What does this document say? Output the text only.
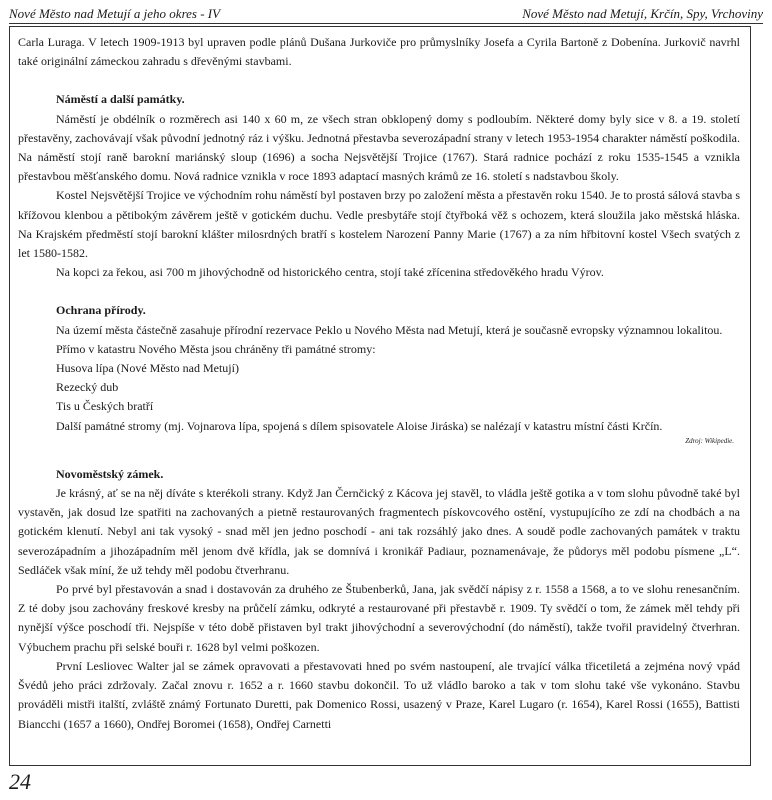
Nové Město nad Metují a jeho okres - IV	Nové Město nad Metují, Krčín, Spy, Vrchoviny

Carla Luraga. V letech 1909-1913 byl upraven podle plánů Dušana Jurkoviče pro průmyslníky Josefa a Cyrila Bartoně z Dobenína. Jurkovič navrhl také originální zámeckou zahradu s dřevěnými stavbami.

Náměstí a další památky.

Náměstí je obdélník o rozměrech asi 140 x 60 m, ze všech stran obklopený domy s podloubím. Některé domy byly sice v 8. a 19. století přestavěny, zachovávají však původní jednotný ráz i výšku. Jednotná přestavba severozápadní strany v letech 1953-1954 charakter náměstí poškodila. Na náměstí stojí raně barokní mariánský sloup (1696) a socha Nejsvětější Trojice (1767). Stará radnice pochází z roku 1535-1545 a vznikla přestavbou měšťanského domu. Nová radnice vznikla v roce 1893 adaptací masných krámů ze 16. století s nadstavbou školy.

Kostel Nejsvětější Trojice ve východním rohu náměstí byl postaven brzy po založení města a přestavěn roku 1540. Je to prostá sálová stavba s křížovou klenbou a pětibokým závěrem ještě v gotickém duchu. Vedle presbytáře stojí čtyřboká věž s ochozem, která sloužila jako městská hláska. Na Krajském předměstí stojí barokní klášter milosrdných bratří s kostelem Narození Panny Marie (1767) a za ním hřbitovní kostel Všech svatých z let 1580-1582.

Na kopci za řekou, asi 700 m jihovýchodně od historického centra, stojí také zřícenina středověkého hradu Výrov.

Ochrana přírody.

Na území města částečně zasahuje přírodní rezervace Peklo u Nového Města nad Metují, která je současně evropsky významnou lokalitou.

Přímo v katastru Nového Města jsou chráněny tři památné stromy:

Husova lípa (Nové Město nad Metují)

Rezecký dub

Tis u Českých bratří

Další památné stromy (mj. Vojnarova lípa, spojená s dílem spisovatele Aloise Jiráska) se nalézají v katastru místní části Krčín.

Zdroj: Wikipedie.

Novoměstský zámek.

Je krásný, ať se na něj díváte s kterékoli strany. Když Jan Černčický z Kácova jej stavěl, to vládla ještě gotika a v tom slohu původně také byl vystavěn, jak dosud lze spatřiti na zachovaných a pietně restaurovaných fragmentech pískovcového ostění, vystupujícího ze zdí na chodbách a na gotickém klenutí. Nebyl ani tak vysoký - snad měl jen jedno poschodí - ani tak rozsáhlý jako dnes. A soudě podle zachovaných památek v traktu severozápadním a jihozápadním měl jenom dvě křídla, jak se domnívá i kronikář Padiaur, poznamenávaje, že půdorys měl podobu písmene „L“. Sedláček však míní, že už tehdy měl podobu čtverhranu.

Po prvé byl přestavován a snad i dostavován za druhého ze Štubenberků, Jana, jak svědčí nápisy z r. 1558 a 1568, a to ve slohu renesančním. Z té doby jsou zachovány freskové kresby na průčelí zámku, odkryté a restaurované při přestavbě r. 1909. Ty svědčí o tom, že zámek měl tehdy při nynější výšce poschodí tři. Nejspíše v této době přistaven byl trakt jihovýchodní a severovýchodní (do náměstí), takže tvořil pravidelný čtverhran. Výbuchem prachu při selské bouři r. 1628 byl velmi poškozen.

První Lesliovec Walter jal se zámek opravovati a přestavovati hned po svém nastoupení, ale trvající válka třicetiletá a zejména nový vpád Švédů jeho práci zdržovaly. Začal znovu r. 1652 a r. 1660 stavbu dokončil. To už vládlo baroko a tak v tom slohu také vše vykonáno. Stavbu prováděli mistři italští, zvláště známý Fortunato Duretti, pak Domenico Rossi, usazený v Praze, Karel Lugaro (r. 1654), Karel Rossi (1655), Battisti Biancchi (1657 a 1660), Ondřej Boromei (1658), Ondřej Carnetti

24
